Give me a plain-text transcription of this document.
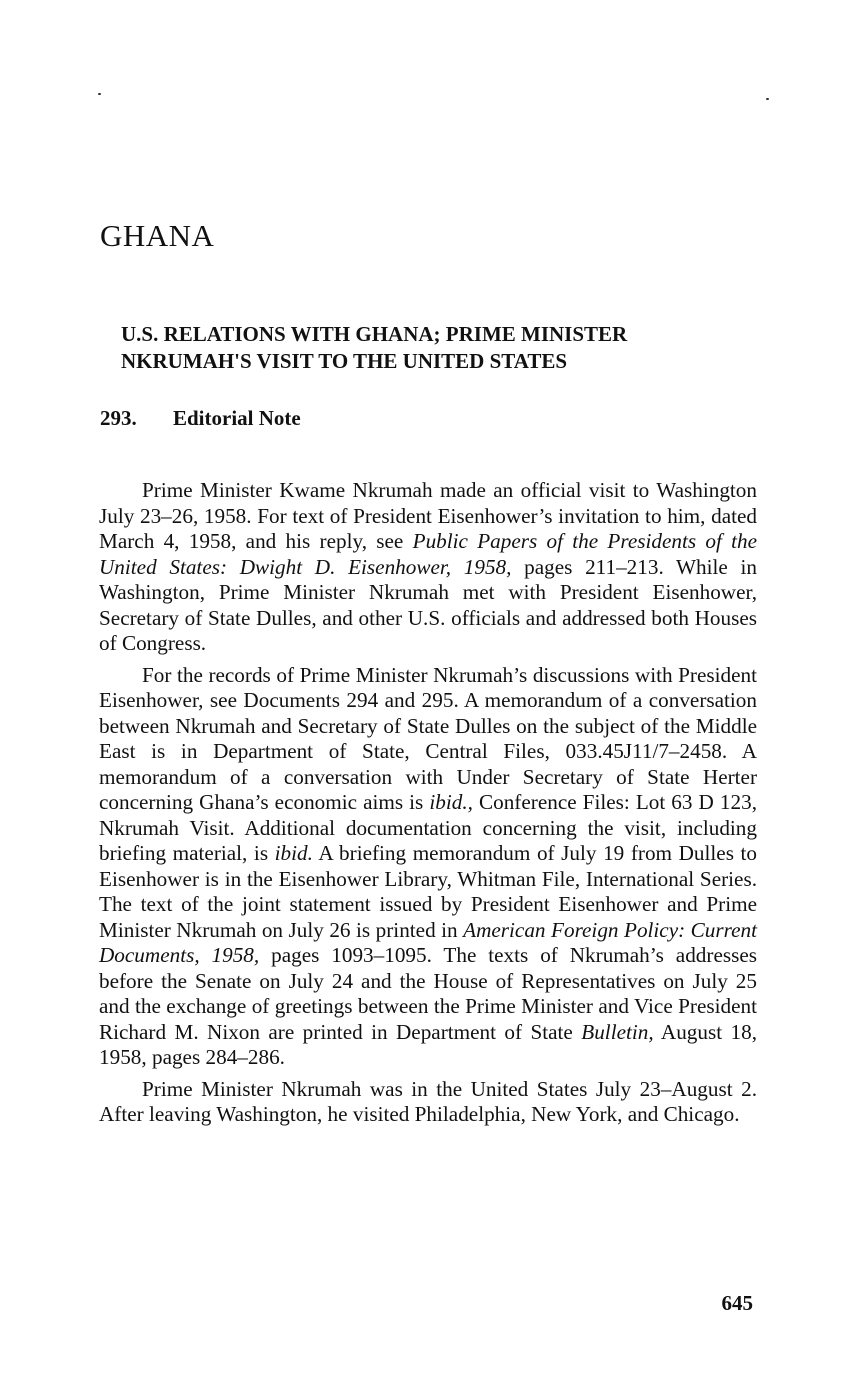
GHANA
U.S. RELATIONS WITH GHANA; PRIME MINISTER
NKRUMAH'S VISIT TO THE UNITED STATES
293. Editorial Note

Prime Minister Kwame Nkrumah made an official visit to Washington July 23–26, 1958. For text of President Eisenhower’s invitation to him, dated March 4, 1958, and his reply, see Public Papers of the Presidents of the United States: Dwight D. Eisenhower, 1958, pages 211–213. While in Washington, Prime Minister Nkrumah met with President Eisenhower, Secretary of State Dulles, and other U.S. officials and addressed both Houses of Congress.

For the records of Prime Minister Nkrumah’s discussions with President Eisenhower, see Documents 294 and 295. A memorandum of a conversation between Nkrumah and Secretary of State Dulles on the subject of the Middle East is in Department of State, Central Files, 033.45J11/7–2458. A memorandum of a conversation with Under Secretary of State Herter concerning Ghana’s economic aims is ibid., Conference Files: Lot 63 D 123, Nkrumah Visit. Additional documentation concerning the visit, including briefing material, is ibid. A briefing memorandum of July 19 from Dulles to Eisenhower is in the Eisenhower Library, Whitman File, International Series. The text of the joint statement issued by President Eisenhower and Prime Minister Nkrumah on July 26 is printed in American Foreign Policy: Current Documents, 1958, pages 1093–1095. The texts of Nkrumah’s addresses before the Senate on July 24 and the House of Representatives on July 25 and the exchange of greetings between the Prime Minister and Vice President Richard M. Nixon are printed in Department of State Bulletin, August 18, 1958, pages 284–286.

Prime Minister Nkrumah was in the United States July 23–August 2. After leaving Washington, he visited Philadelphia, New York, and Chicago.

645
